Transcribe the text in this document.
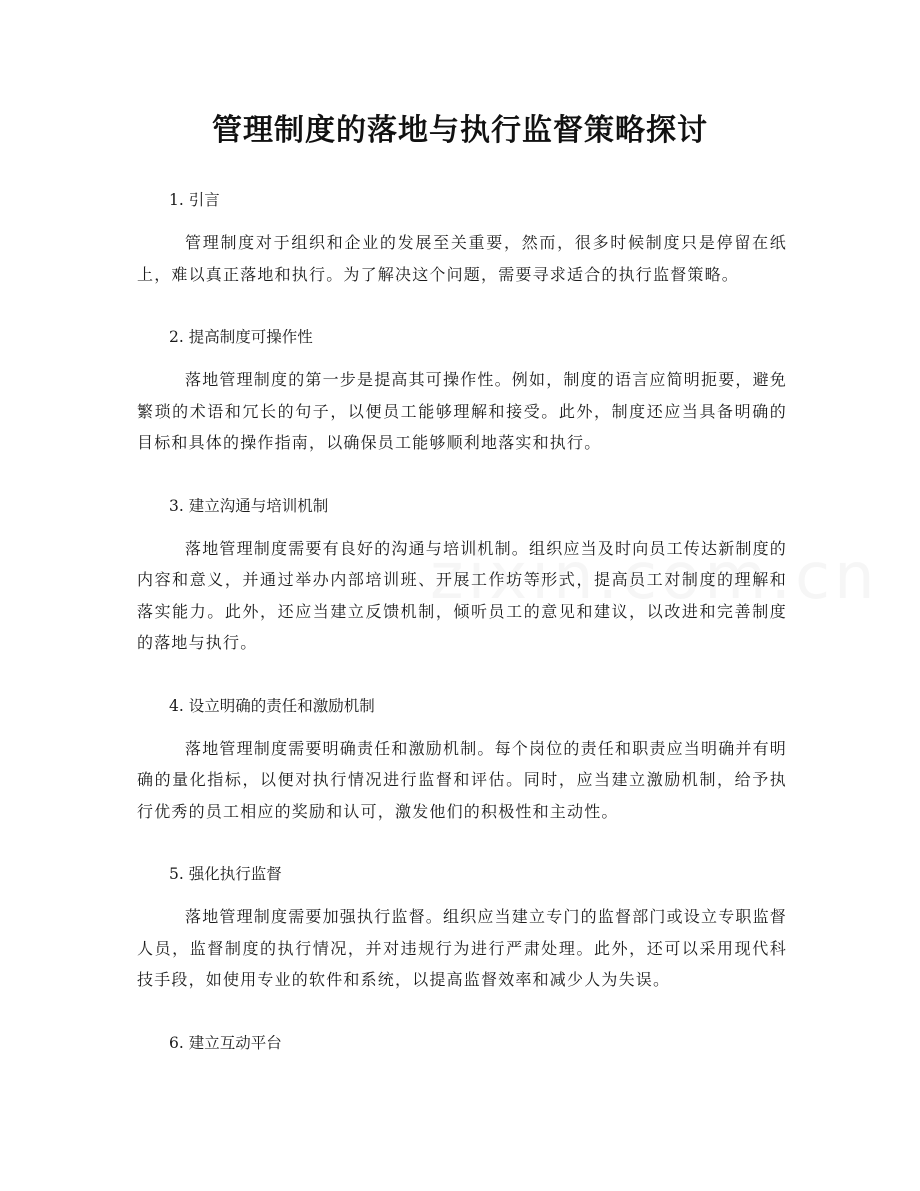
管理制度的落地与执行监督策略探讨
1. 引言

管理制度对于组织和企业的发展至关重要，然而，很多时候制度只是停留在纸上，难以真正落地和执行。为了解决这个问题，需要寻求适合的执行监督策略。

2. 提高制度可操作性

落地管理制度的第一步是提高其可操作性。例如，制度的语言应简明扼要，避免繁琐的术语和冗长的句子，以便员工能够理解和接受。此外，制度还应当具备明确的目标和具体的操作指南，以确保员工能够顺利地落实和执行。

3. 建立沟通与培训机制

落地管理制度需要有良好的沟通与培训机制。组织应当及时向员工传达新制度的内容和意义，并通过举办内部培训班、开展工作坊等形式，提高员工对制度的理解和落实能力。此外，还应当建立反馈机制，倾听员工的意见和建议，以改进和完善制度的落地与执行。

4. 设立明确的责任和激励机制

落地管理制度需要明确责任和激励机制。每个岗位的责任和职责应当明确并有明确的量化指标，以便对执行情况进行监督和评估。同时，应当建立激励机制，给予执行优秀的员工相应的奖励和认可，激发他们的积极性和主动性。

5. 强化执行监督

落地管理制度需要加强执行监督。组织应当建立专门的监督部门或设立专职监督人员，监督制度的执行情况，并对违规行为进行严肃处理。此外，还可以采用现代科技手段，如使用专业的软件和系统，以提高监督效率和减少人为失误。

6. 建立互动平台
